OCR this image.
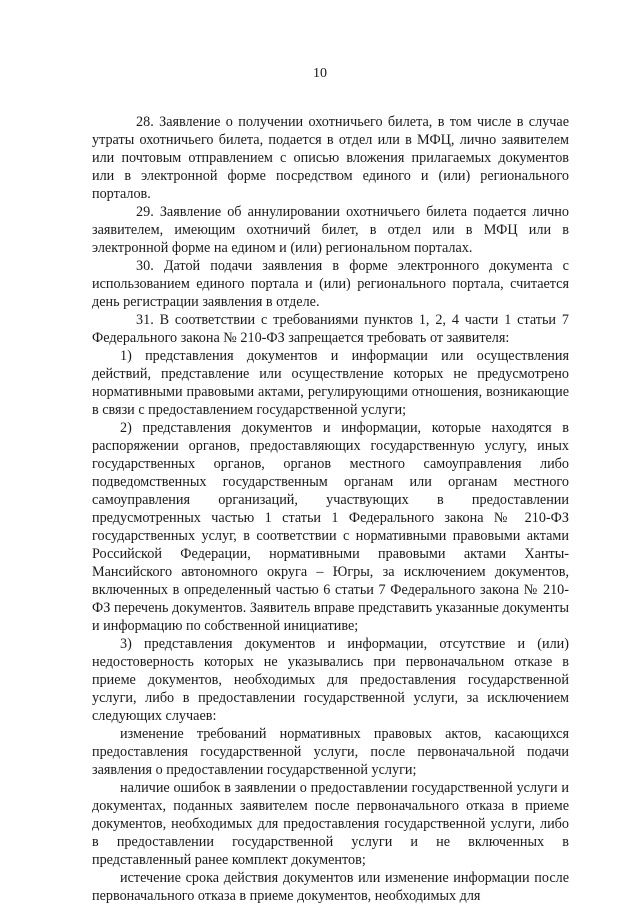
10

28. Заявление о получении охотничьего билета, в том числе в случае утраты охотничьего билета, подается в отдел или в МФЦ, лично заявителем или почтовым отправлением с описью вложения прилагаемых документов или в электронной форме посредством единого и (или) регионального порталов.

29. Заявление об аннулировании охотничьего билета подается лично заявителем, имеющим охотничий билет, в отдел или в МФЦ или в электронной форме на едином и (или) региональном порталах.

30. Датой подачи заявления в форме электронного документа с использованием единого портала и (или) регионального портала, считается день регистрации заявления в отделе.

31. В соответствии с требованиями пунктов 1, 2, 4 части 1 статьи 7 Федерального закона № 210-ФЗ запрещается требовать от заявителя:

1) представления документов и информации или осуществления действий, представление или осуществление которых не предусмотрено нормативными правовыми актами, регулирующими отношения, возникающие в связи с предоставлением государственной услуги;

2) представления документов и информации, которые находятся в распоряжении органов, предоставляющих государственную услугу, иных государственных органов, органов местного самоуправления либо подведомственных государственным органам или органам местного самоуправления организаций, участвующих в предоставлении предусмотренных частью 1 статьи 1 Федерального закона № 210-ФЗ государственных услуг, в соответствии с нормативными правовыми актами Российской Федерации, нормативными правовыми актами Ханты-Мансийского автономного округа – Югры, за исключением документов, включенных в определенный частью 6 статьи 7 Федерального закона № 210-ФЗ перечень документов. Заявитель вправе представить указанные документы и информацию по собственной инициативе;

3) представления документов и информации, отсутствие и (или) недостоверность которых не указывались при первоначальном отказе в приеме документов, необходимых для предоставления государственной услуги, либо в предоставлении государственной услуги, за исключением следующих случаев:

изменение требований нормативных правовых актов, касающихся предоставления государственной услуги, после первоначальной подачи заявления о предоставлении государственной услуги;

наличие ошибок в заявлении о предоставлении государственной услуги и документах, поданных заявителем после первоначального отказа в приеме документов, необходимых для предоставления государственной услуги, либо в предоставлении государственной услуги и не включенных в представленный ранее комплект документов;

истечение срока действия документов или изменение информации после первоначального отказа в приеме документов, необходимых для
